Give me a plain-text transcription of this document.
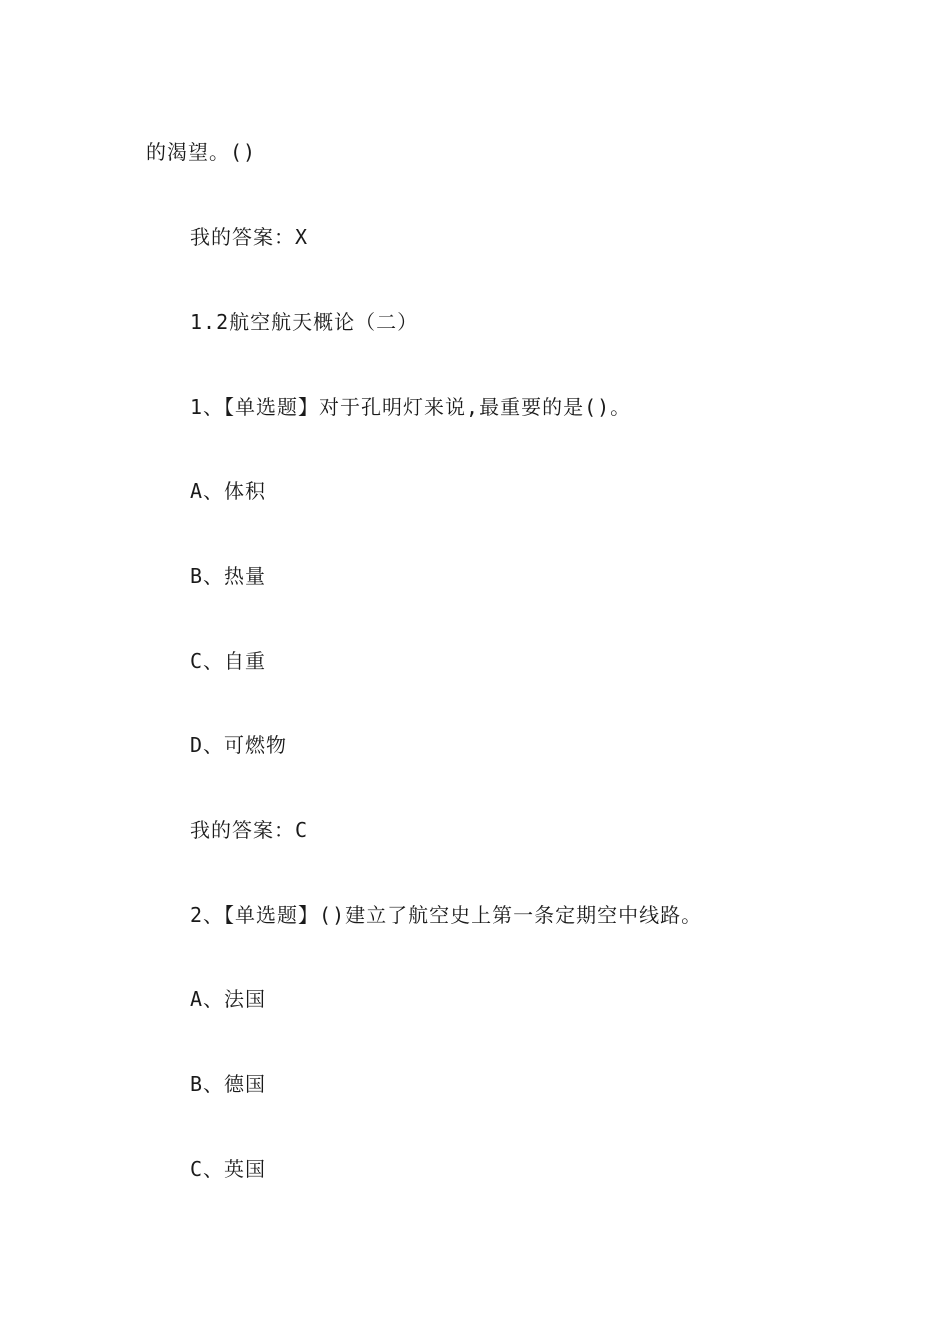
的渴望。()
我的答案：X
1.2航空航天概论（二）
1、【单选题】对于孔明灯来说,最重要的是()。
A、体积
B、热量
C、自重
D、可燃物
我的答案：C
2、【单选题】()建立了航空史上第一条定期空中线路。
A、法国
B、德国
C、英国
